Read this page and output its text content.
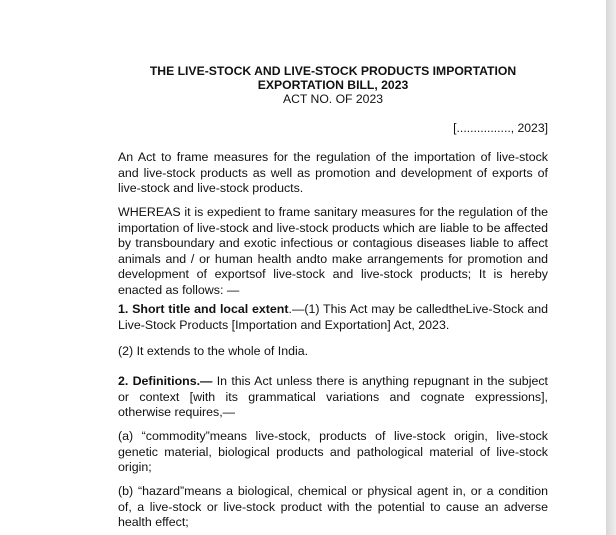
THE LIVE-STOCK AND LIVE-STOCK PRODUCTS IMPORTATION
EXPORTATION BILL, 2023
ACT NO. OF 2023
[................, 2023]

An Act to frame measures for the regulation of the importation of live-stock and live-stock products as well as promotion and development of exports of live-stock and live-stock products.

WHEREAS it is expedient to frame sanitary measures for the regulation of the importation of live-stock and live-stock products which are liable to be affected by transboundary and exotic infectious or contagious diseases liable to affect animals and / or human health andto make arrangements for promotion and development of exportsof live-stock and live-stock products; It is hereby enacted as follows: —

1. Short title and local extent.—(1) This Act may be calledtheLive-Stock and Live-Stock Products [Importation and Exportation] Act, 2023.

(2) It extends to the whole of India.

2. Definitions.— In this Act unless there is anything repugnant in the subject or context [with its grammatical variations and cognate expressions], otherwise requires,—

(a) “commodity”means live-stock, products of live-stock origin, live-stock genetic material, biological products and pathological material of live-stock origin;

(b) “hazard”means a biological, chemical or physical agent in, or a condition of, a live-stock or live-stock product with the potential to cause an adverse health effect;
